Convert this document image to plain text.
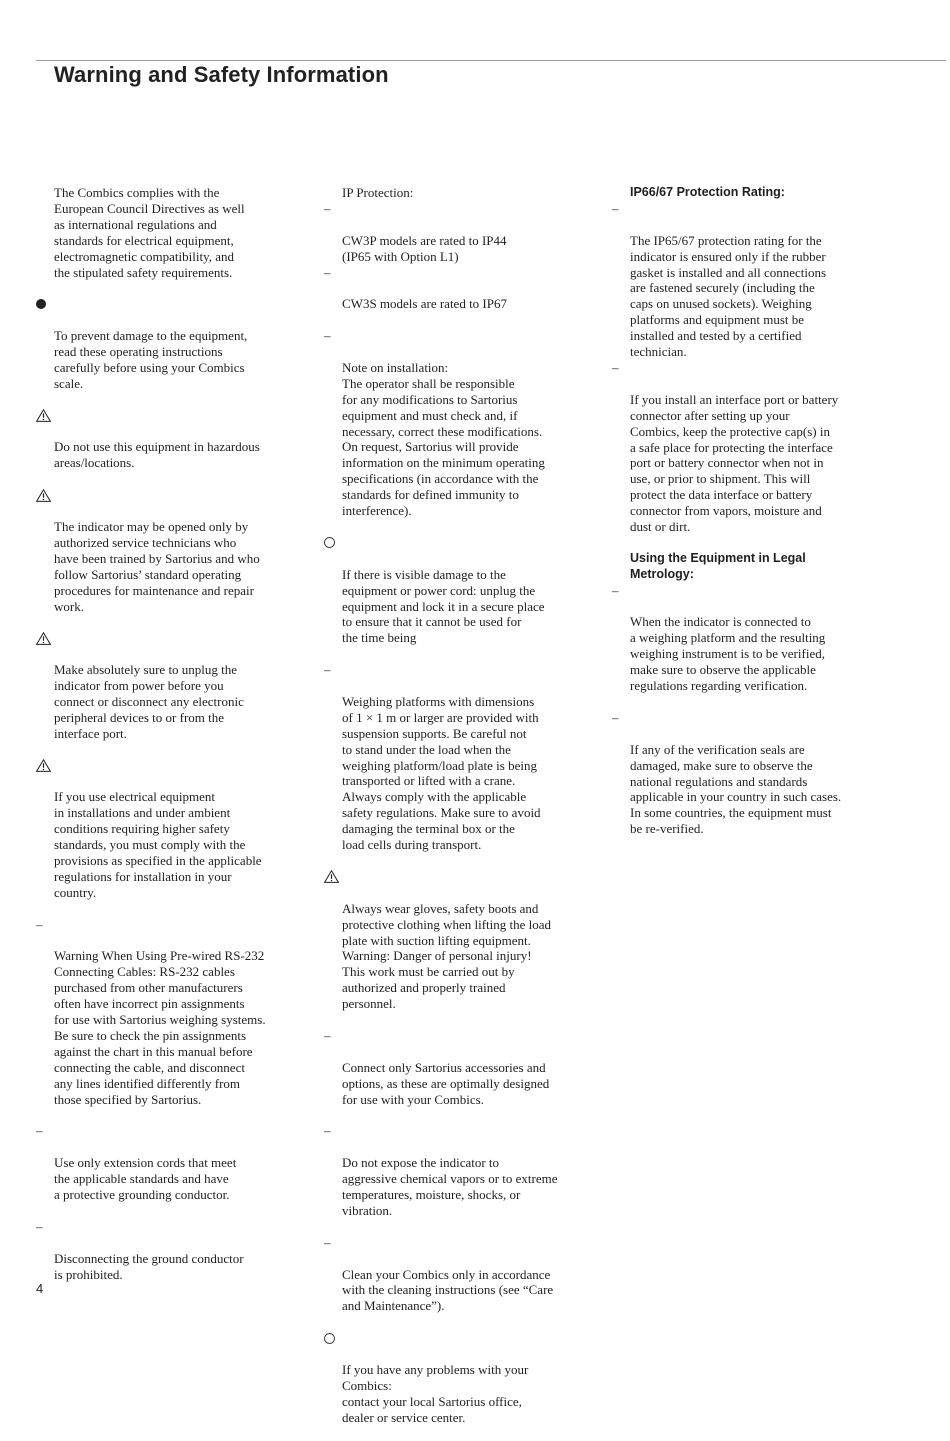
Warning and Safety Information

The Combics complies with the
European Council Directives as well
as international regulations and
standards for electrical equipment,
electromagnetic compatibility, and
the stipulated safety requirements.

To prevent damage to the equipment,
read these operating instructions
carefully before using your Combics
scale.

Do not use this equipment in hazardous
areas/locations.

The indicator may be opened only by
authorized service technicians who
have been trained by Sartorius and who
follow Sartorius’ standard operating
procedures for maintenance and repair
work.

Make absolutely sure to unplug the
indicator from power before you
connect or disconnect any electronic
peripheral devices to or from the
interface port.

If you use electrical equipment
in installations and under ambient
conditions requiring higher safety
standards, you must comply with the
provisions as specified in the applicable
regulations for installation in your
country.

–

Warning When Using Pre-wired RS-232
Connecting Cables: RS-232 cables
purchased from other manufacturers
often have incorrect pin assignments
for use with Sartorius weighing systems.
Be sure to check the pin assignments
against the chart in this manual before
connecting the cable, and disconnect
any lines identified differently from
those specified by Sartorius.

–

Use only extension cords that meet
the applicable standards and have
a protective grounding conductor.

–

Disconnecting the ground conductor
is prohibited.

IP Protection:

–

CW3P models are rated to IP44
(IP65 with Option L1)

–

CW3S models are rated to IP67

–

Note on installation:
The operator shall be responsible
for any modifications to Sartorius
equipment and must check and, if
necessary, correct these modifications.
On request, Sartorius will provide
information on the minimum operating
specifications (in accordance with the
standards for defined immunity to
interference).

If there is visible damage to the
equipment or power cord: unplug the
equipment and lock it in a secure place
to ensure that it cannot be used for
the time being

–

Weighing platforms with dimensions
of 1 × 1 m or larger are provided with
suspension supports. Be careful not
to stand under the load when the
weighing platform/load plate is being
transported or lifted with a crane.
Always comply with the applicable
safety regulations. Make sure to avoid
damaging the terminal box or the
load cells during transport.

Always wear gloves, safety boots and
protective clothing when lifting the load
plate with suction lifting equipment.
Warning: Danger of personal injury!
This work must be carried out by
authorized and properly trained
personnel.

–

Connect only Sartorius accessories and
options, as these are optimally designed
for use with your Combics.

–

Do not expose the indicator to
aggressive chemical vapors or to extreme
temperatures, moisture, shocks, or
vibration.

–

Clean your Combics only in accordance
with the cleaning instructions (see “Care
and Maintenance”).

If you have any problems with your
Combics:
contact your local Sartorius office,
dealer or service center.

IP66/67 Protection Rating:

–

The IP65/67 protection rating for the
indicator is ensured only if the rubber
gasket is installed and all connections
are fastened securely (including the
caps on unused sockets). Weighing
platforms and equipment must be
installed and tested by a certified
technician.

–

If you install an interface port or battery
connector after setting up your
Combics, keep the protective cap(s) in
a safe place for protecting the interface
port or battery connector when not in
use, or prior to shipment. This will
protect the data interface or battery
connector from vapors, moisture and
dust or dirt.

Using the Equipment in Legal
Metrology:

–

When the indicator is connected to
a weighing platform and the resulting
weighing instrument is to be verified,
make sure to observe the applicable
regulations regarding verification.

–

If any of the verification seals are
damaged, make sure to observe the
national regulations and standards
applicable in your country in such cases.
In some countries, the equipment must
be re-verified.

4
